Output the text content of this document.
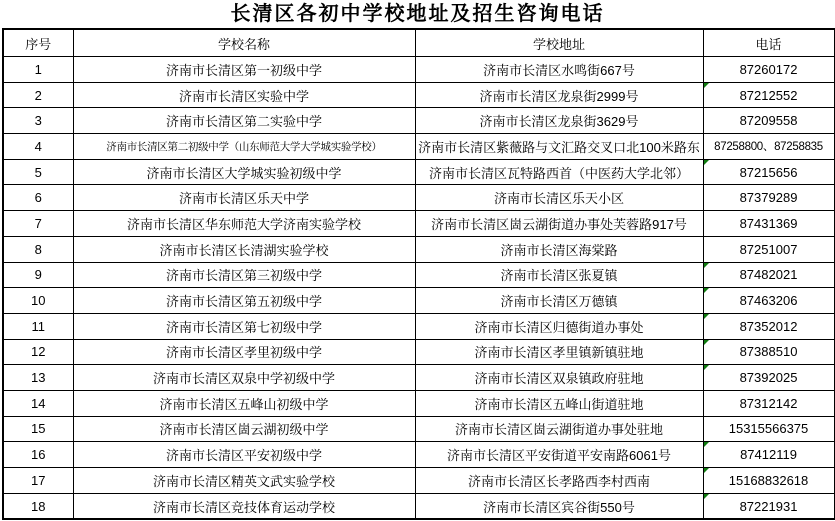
长清区各初中学校地址及招生咨询电话
序号	学校名称	学校地址	电话
1	济南市长清区第一初级中学	济南市长清区水鸣街667号	87260172
2	济南市长清区实验中学	济南市长清区龙泉街2999号	87212552
3	济南市长清区第二实验中学	济南市长清区龙泉街3629号	87209558
4	济南市长清区第二初级中学（山东师范大学大学城实验学校）	济南市长清区紫薇路与文汇路交叉口北100米路东	87258800、87258835
5	济南市长清区大学城实验初级中学	济南市长清区瓦特路西首（中医药大学北邻）	87215656
6	济南市长清区乐天中学	济南市长清区乐天小区	87379289
7	济南市长清区华东师范大学济南实验学校	济南市长清区崮云湖街道办事处芙蓉路917号	87431369
8	济南市长清区长清湖实验学校	济南市长清区海棠路	87251007
9	济南市长清区第三初级中学	济南市长清区张夏镇	87482021
10	济南市长清区第五初级中学	济南市长清区万德镇	87463206
11	济南市长清区第七初级中学	济南市长清区归德街道办事处	87352012
12	济南市长清区孝里初级中学	济南市长清区孝里镇新镇驻地	87388510
13	济南市长清区双泉中学初级中学	济南市长清区双泉镇政府驻地	87392025
14	济南市长清区五峰山初级中学	济南市长清区五峰山街道驻地	87312142
15	济南市长清区崮云湖初级中学	济南市长清区崮云湖街道办事处驻地	15315566375
16	济南市长清区平安初级中学	济南市长清区平安街道平安南路6061号	87412119
17	济南市长清区精英文武实验学校	济南市长清区长孝路西李村西南	15168832618
18	济南市长清区竞技体育运动学校	济南市长清区宾谷街550号	87221931
